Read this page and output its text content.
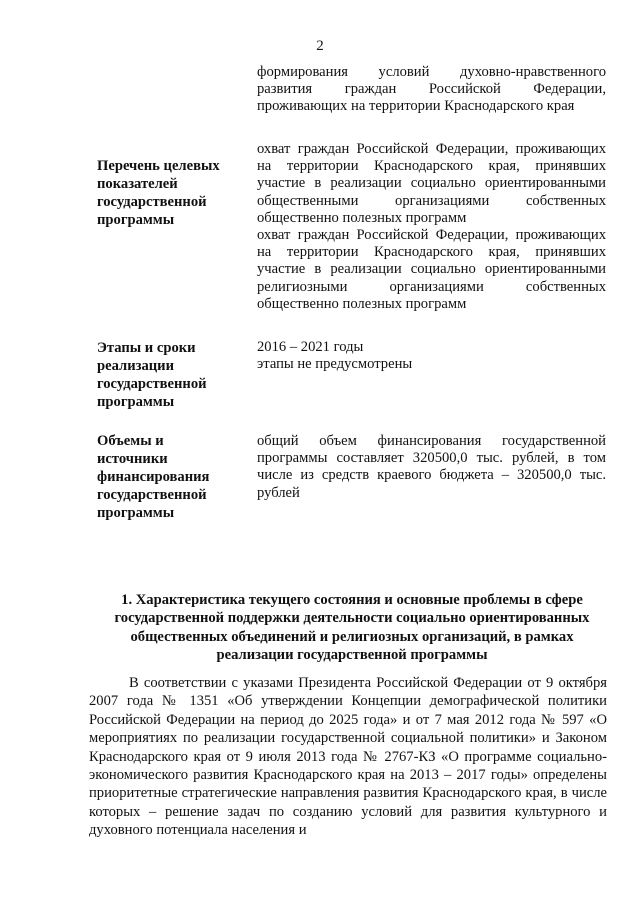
2

формирования условий духовно-нравственного развития граждан Российской Федерации, проживающих на территории Краснодарского края

Перечень целевых показателей государственной программы

охват граждан Российской Федерации, проживающих на территории Краснодарского края, принявших участие в реализации социально ориентированными общественными организациями собственных общественно полезных программ

охват граждан Российской Федерации, проживающих на территории Краснодарского края, принявших участие в реализации социально ориентированными религиозными организациями собственных общественно полезных программ

Этапы и сроки реализации государственной программы

2016 – 2021 годы

этапы не предусмотрены

Объемы и источники финансирования государственной программы

общий объем финансирования государственной программы составляет 320500,0 тыс. рублей, в том числе из средств краевого бюджета – 320500,0 тыс. рублей

1. Характеристика текущего состояния и основные проблемы в сфере государственной поддержки деятельности социально ориентированных общественных объединений и религиозных организаций, в рамках реализации государственной программы

В соответствии с указами Президента Российской Федерации от 9 октября 2007 года № 1351 «Об утверждении Концепции демографической политики Российской Федерации на период до 2025 года» и от 7 мая 2012 года № 597 «О мероприятиях по реализации государственной социальной политики» и Законом Краснодарского края от 9 июля 2013 года № 2767-КЗ «О программе социально-экономического развития Краснодарского края на 2013 – 2017 годы» определены приоритетные стратегические направления развития Краснодарского края, в числе которых – решение задач по созданию условий для развития культурного и духовного потенциала населения и
